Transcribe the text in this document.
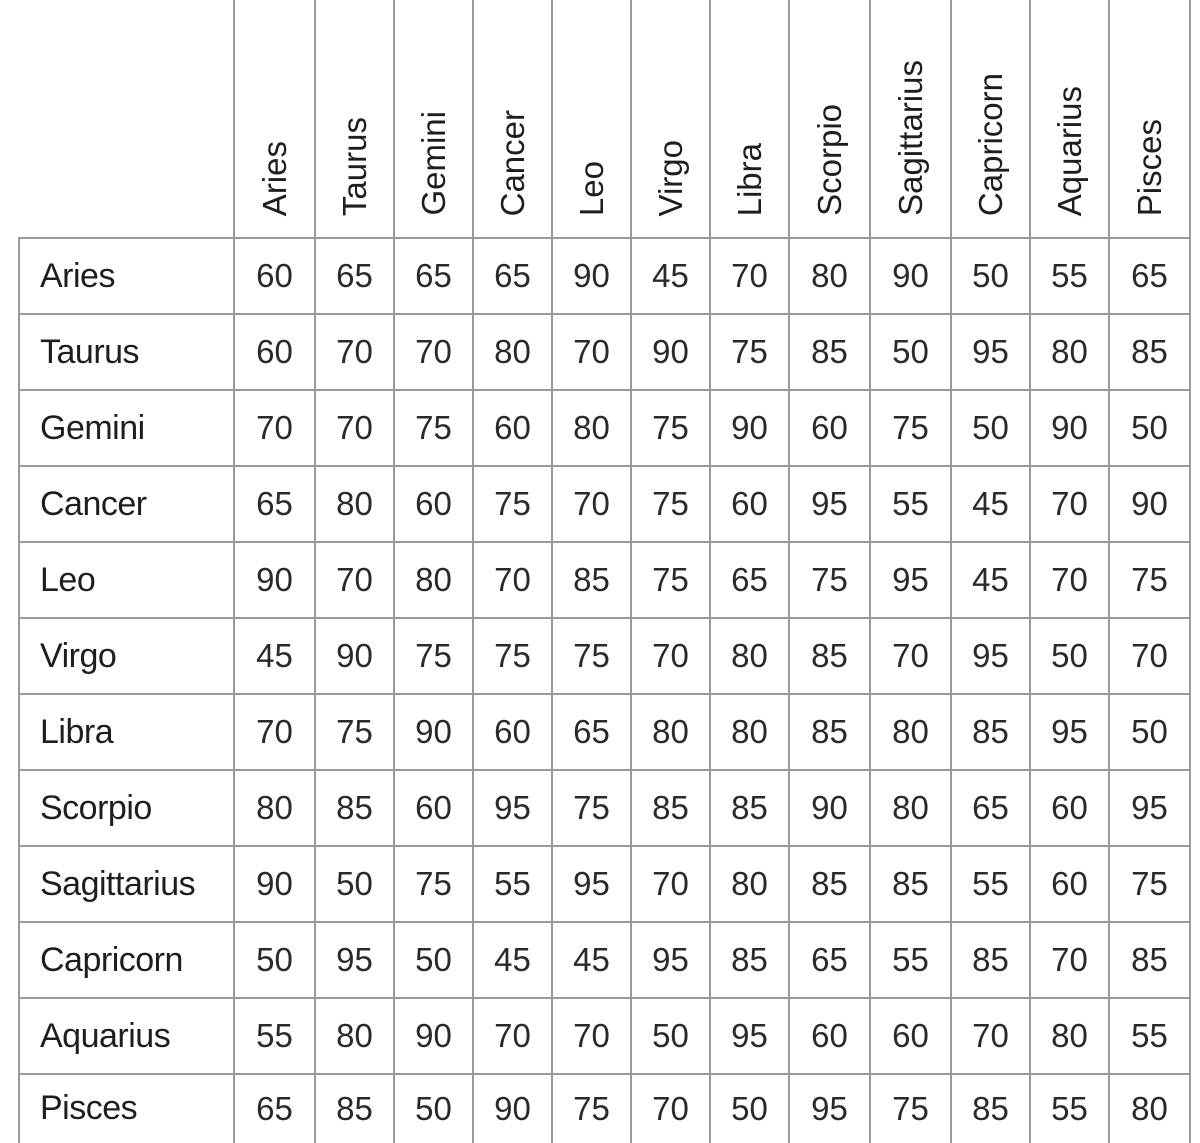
Aries Taurus Gemini Cancer Leo Virgo Libra Scorpio Sagittarius Capricorn Aquarius Pisces
Aries	60	65	65	65	90	45	70	80	90	50	55	65
Taurus	60	70	70	80	70	90	75	85	50	95	80	85
Gemini	70	70	75	60	80	75	90	60	75	50	90	50
Cancer	65	80	60	75	70	75	60	95	55	45	70	90
Leo	90	70	80	70	85	75	65	75	95	45	70	75
Virgo	45	90	75	75	75	70	80	85	70	95	50	70
Libra	70	75	90	60	65	80	80	85	80	85	95	50
Scorpio	80	85	60	95	75	85	85	90	80	65	60	95
Sagittarius	90	50	75	55	95	70	80	85	85	55	60	75
Capricorn	50	95	50	45	45	95	85	65	55	85	70	85
Aquarius	55	80	90	70	70	50	95	60	60	70	80	55
Pisces	65	85	50	90	75	70	50	95	75	85	55	80
